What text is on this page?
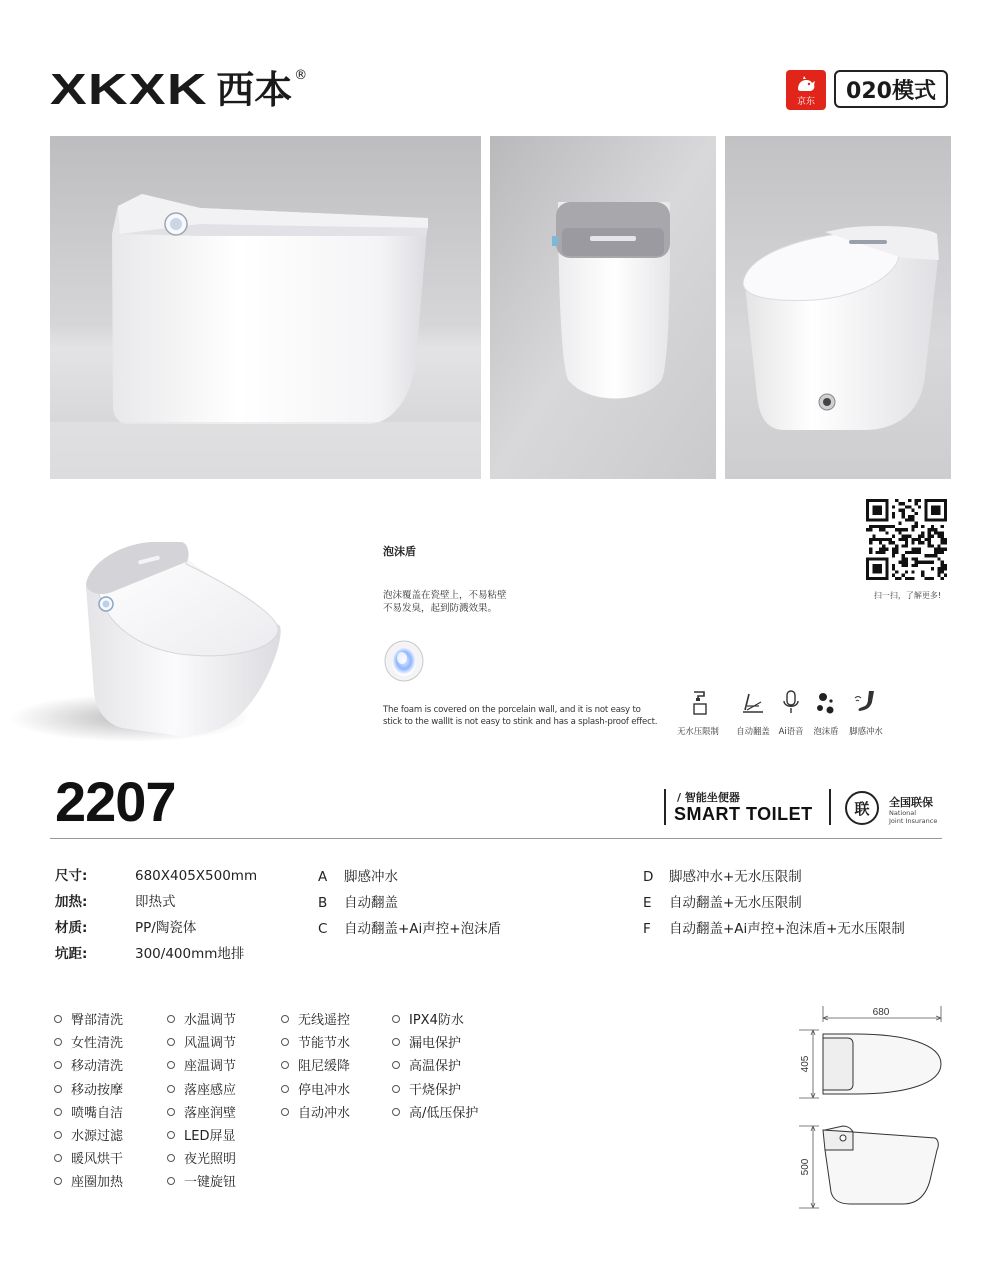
XKXK 西本 ®
京东	020模式
泡沫盾
泡沫覆盖在瓷壁上，不易粘壁
不易发臭，起到防溅效果。
The foam is covered on the porcelain wall, and it is not easy to
stick to the wallIt is not easy to stink and has a splash-proof effect.
扫一扫，了解更多!
无水压限制	自动翻盖	Ai语音	泡沫盾	脚感冲水
2207	/ 智能坐便器
SMART TOILET	联 全国联保
National
Joint Insurance
尺寸:	680X405X500mm
加热:	即热式
材质:	PP/陶瓷体
坑距:	300/400mm地排
A 脚感冲水
B 自动翻盖
C 自动翻盖+Ai声控+泡沫盾
D 脚感冲水+无水压限制
E 自动翻盖+无水压限制
F 自动翻盖+Ai声控+泡沫盾+无水压限制
臀部清洗
女性清洗
移动清洗
移动按摩
喷嘴自洁
水源过滤
暖风烘干
座圈加热
水温调节
风温调节
座温调节
落座感应
落座润壁
LED屏显
夜光照明
一键旋钮
无线遥控
节能节水
阻尼缓降
停电冲水
自动冲水
IPX4防水
漏电保护
高温保护
干烧保护
高/低压保护
680
405
500
